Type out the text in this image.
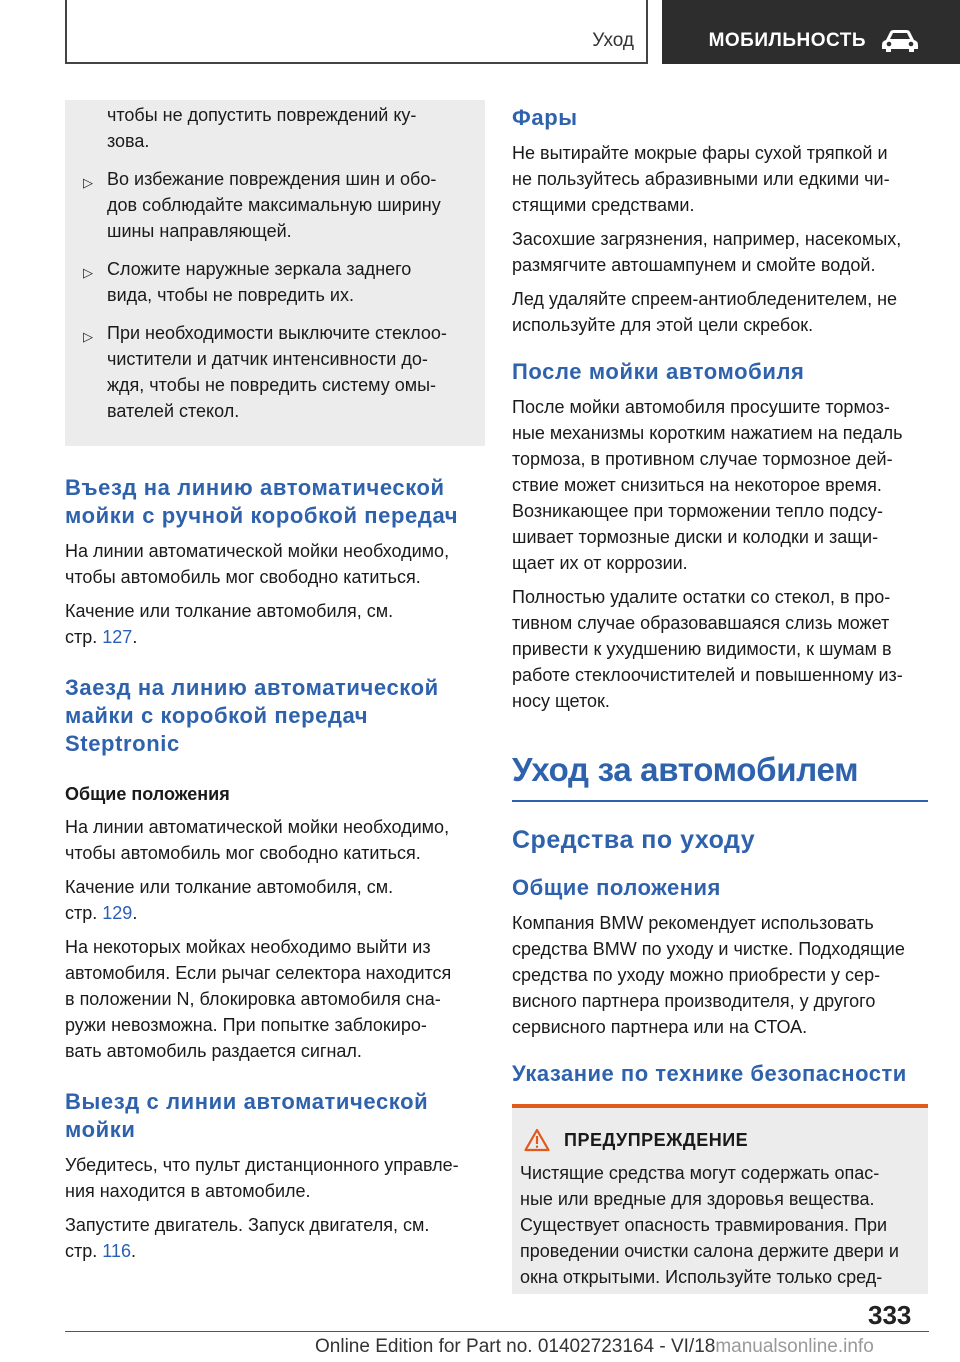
Уход	МОБИЛЬНОСТЬ
чтобы не допустить повреждений ку-
зова.
▷ Во избежание повреждения шин и обо-
дов соблюдайте максимальную ширину
шины направляющей.
▷ Сложите наружные зеркала заднего
вида, чтобы не повредить их.
▷ При необходимости выключите стеклоо-
чистители и датчик интенсивности до-
ждя, чтобы не повредить систему омы-
вателей стекол.
Въезд на линию автоматической
мойки с ручной коробкой передач

На линии автоматической мойки необходимо,
чтобы автомобиль мог свободно катиться.

Качение или толкание автомобиля, см.
стр. 127.

Заезд на линию автоматической
майки с коробкой передач
Steptronic
Общие положения

На линии автоматической мойки необходимо,
чтобы автомобиль мог свободно катиться.

Качение или толкание автомобиля, см.
стр. 129.

На некоторых мойках необходимо выйти из
автомобиля. Если рычаг селектора находится
в положении N, блокировка автомобиля сна-
ружи невозможна. При попытке заблокиро-
вать автомобиль раздается сигнал.

Выезд с линии автоматической
мойки

Убедитесь, что пульт дистанционного управле-
ния находится в автомобиле.

Запустите двигатель. Запуск двигателя, см.
стр. 116.

Фары

Не вытирайте мокрые фары сухой тряпкой и
не пользуйтесь абразивными или едкими чи-
стящими средствами.

Засохшие загрязнения, например, насекомых,
размягчите автошампунем и смойте водой.

Лед удаляйте спреем-антиобледенителем, не
используйте для этой цели скребок.

После мойки автомобиля

После мойки автомобиля просушите тормоз-
ные механизмы коротким нажатием на педаль
тормоза, в противном случае тормозное дей-
ствие может снизиться на некоторое время.
Возникающее при торможении тепло подсу-
шивает тормозные диски и колодки и защи-
щает их от коррозии.

Полностью удалите остатки со стекол, в про-
тивном случае образовавшаяся слизь может
привести к ухудшению видимости, к шумам в
работе стеклоочистителей и повышенному из-
носу щеток.

Уход за автомобилем
Средства по уходу
Общие положения

Компания BMW рекомендует использовать
средства BMW по уходу и чистке. Подходящие
средства по уходу можно приобрести у сер-
висного партнера производителя, у другого
сервисного партнера или на СТОА.

Указание по технике безопасности
ПРЕДУПРЕЖДЕНИЕ

Чистящие средства могут содержать опас-
ные или вредные для здоровья вещества.
Существует опасность травмирования. При
проведении очистки салона держите двери и
окна открытыми. Используйте только сред-

333
Online Edition for Part no. 01402723164 - VI/18manualsonline.info
